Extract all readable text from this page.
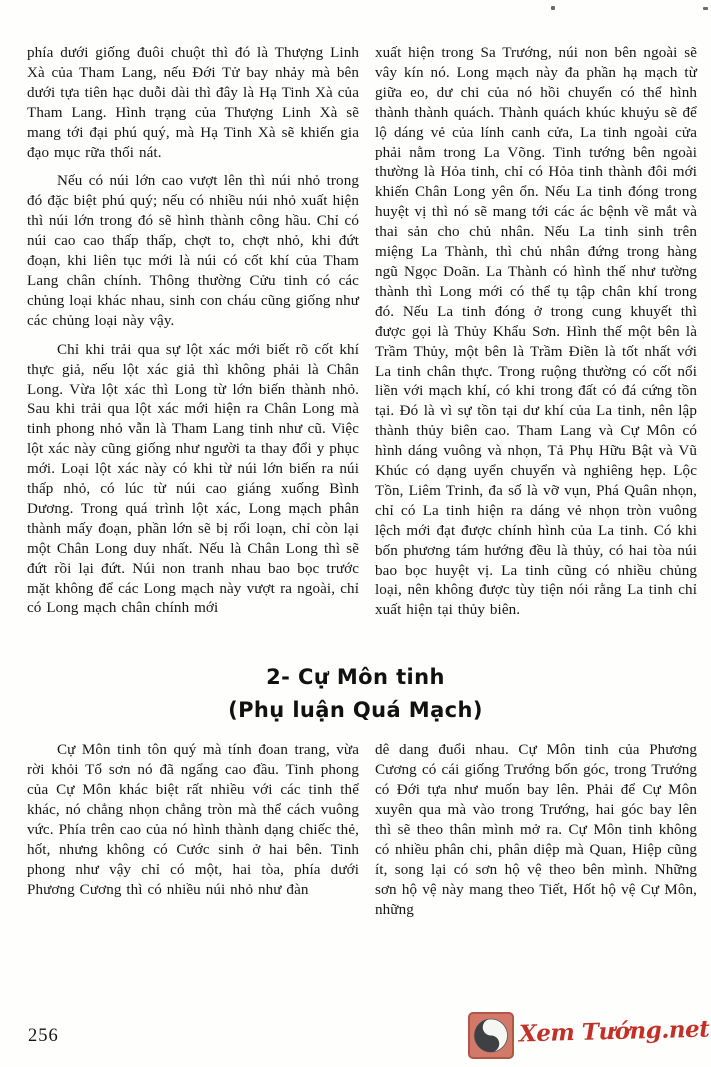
phía dưới giống đuôi chuột thì đó là Thượng Linh Xà của Tham Lang, nếu Đới Tử bay nhảy mà bên dưới tựa tiên hạc duỗi dài thì đây là Hạ Tinh Xà của Tham Lang. Hình trạng của Thượng Linh Xà sẽ mang tới đại phú quý, mà Hạ Tinh Xà sẽ khiến gia đạo mục rữa thối nát.

Nếu có núi lớn cao vượt lên thì núi nhỏ trong đó đặc biệt phú quý; nếu có nhiều núi nhỏ xuất hiện thì núi lớn trong đó sẽ hình thành công hầu. Chỉ có núi cao cao thấp thấp, chợt to, chợt nhỏ, khi đứt đoạn, khi liên tục mới là núi có cốt khí của Tham Lang chân chính. Thông thường Cửu tinh có các chủng loại khác nhau, sinh con cháu cũng giống như các chủng loại này vậy.

Chỉ khi trải qua sự lột xác mới biết rõ cốt khí thực giả, nếu lột xác giả thì không phải là Chân Long. Vừa lột xác thì Long từ lớn biến thành nhỏ. Sau khi trải qua lột xác mới hiện ra Chân Long mà tinh phong nhỏ vẫn là Tham Lang tinh như cũ. Việc lột xác này cũng giống như người ta thay đổi y phục mới. Loại lột xác này có khi từ núi lớn biến ra núi thấp nhỏ, có lúc từ núi cao giáng xuống Bình Dương. Trong quá trình lột xác, Long mạch phân thành mấy đoạn, phần lớn sẽ bị rối loạn, chỉ còn lại một Chân Long duy nhất. Nếu là Chân Long thì sẽ đứt rồi lại đứt. Núi non tranh nhau bao bọc trước mặt không để các Long mạch này vượt ra ngoài, chỉ có Long mạch chân chính mới

xuất hiện trong Sa Trướng, núi non bên ngoài sẽ vây kín nó. Long mạch này đa phần hạ mạch từ giữa eo, dư chi của nó hồi chuyển có thể hình thành thành quách. Thành quách khúc khuỷu sẽ để lộ dáng vẻ của lính canh cửa, La tinh ngoài cửa phải nằm trong La Võng. Tinh tướng bên ngoài thường là Hỏa tinh, chỉ có Hỏa tinh thành đôi mới khiến Chân Long yên ổn. Nếu La tinh đóng trong huyệt vị thì nó sẽ mang tới các ác bệnh về mắt và thai sản cho chủ nhân. Nếu La tinh sinh trên miệng La Thành, thì chủ nhân đứng trong hàng ngũ Ngọc Doãn. La Thành có hình thế như tường thành thì Long mới có thể tụ tập chân khí trong đó. Nếu La tinh đóng ở trong cung khuyết thì được gọi là Thủy Khẩu Sơn. Hình thế một bên là Trầm Thủy, một bên là Trầm Điền là tốt nhất với La tinh chân thực. Trong ruộng thường có cốt nổi liền với mạch khí, có khi trong đất có đá cứng tồn tại. Đó là vì sự tồn tại dư khí của La tinh, nên lập thành thủy biên cao. Tham Lang và Cự Môn có hình dáng vuông và nhọn, Tả Phụ Hữu Bật và Vũ Khúc có dạng uyển chuyển và nghiêng hẹp. Lộc Tồn, Liêm Trinh, đa số là vỡ vụn, Phá Quân nhọn, chỉ có La tinh hiện ra dáng vẻ nhọn tròn vuông lệch mới đạt được chính hình của La tinh. Có khi bốn phương tám hướng đều là thủy, có hai tòa núi bao bọc huyệt vị. La tinh cũng có nhiều chủng loại, nên không được tùy tiện nói rằng La tinh chỉ xuất hiện tại thủy biên.

2- Cự Môn tinh
(Phụ luận Quá Mạch)

Cự Môn tinh tôn quý mà tính đoan trang, vừa rời khỏi Tổ sơn nó đã ngẩng cao đầu. Tinh phong của Cự Môn khác biệt rất nhiều với các tinh thể khác, nó chẳng nhọn chẳng tròn mà thể cách vuông vức. Phía trên cao của nó hình thành dạng chiếc thẻ, hốt, nhưng không có Cước sinh ở hai bên. Tinh phong như vậy chỉ có một, hai tòa, phía dưới Phương Cương thì có nhiều núi nhỏ như đàn

dê dang đuổi nhau. Cự Môn tinh của Phương Cương có cái giống Trướng bốn góc, trong Trướng có Đới tựa như muốn bay lên. Phải để Cự Môn xuyên qua mà vào trong Trướng, hai góc bay lên thì sẽ theo thân mình mở ra. Cự Môn tinh không có nhiều phân chi, phân diệp mà Quan, Hiệp cũng ít, song lại có sơn hộ vệ theo bên mình. Những sơn hộ vệ này mang theo Tiết, Hốt hộ vệ Cự Môn, những

256	Xem Tướng.net
